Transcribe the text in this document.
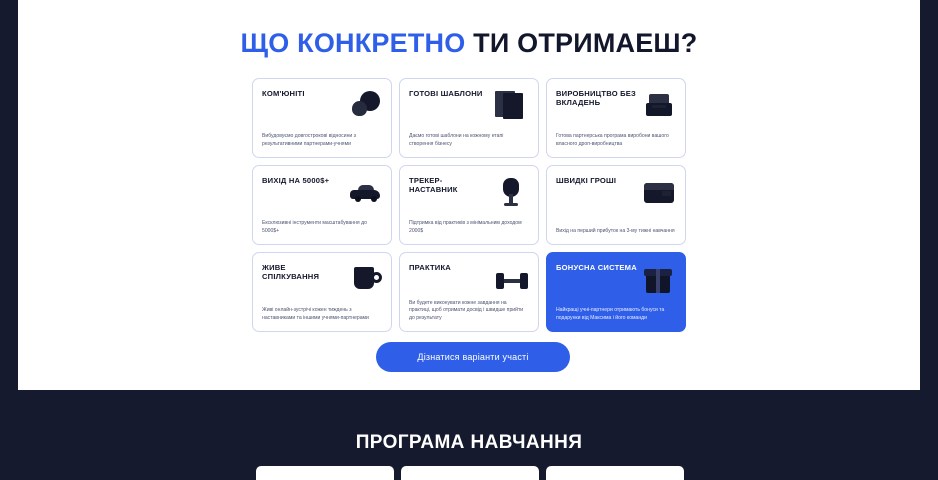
ЩО КОНКРЕТНО ТИ ОТРИМАЕШ?
КОМ'ЮНІТІ
Вибудовуємо довгострокові відносини з результативними партнерами-учнями
ГОТОВІ ШАБЛОНИ
Даємо готові шаблони на кожному етапі створення бізнесу
ВИРОБНИЦТВО БЕЗ ВКЛАДЕНЬ
Готова партнерська програма виробони вашого власного дроп-виробництва
ВИХІД НА 5000$+
Ексклюзивні інструменти масштабування до 5000$+
ТРЕКЕР-НАСТАВНИК
Підтримка від практиків з мінімальним доходом 2000$
ШВИДКІ ГРОШІ
Вихід на перший прибуток на 3-му тижні навчання
ЖИВЕ СПІЛКУВАННЯ
Живі онлайн-зустрічі кожен тиждень з наставниками та іншими учнями-партнерами
ПРАКТИКА
Ви будете виконувати кожне завдання на практиці, щоб отримати досвід і швидше прийти до результату
БОНУСНА СИСТЕМА
Найкращі учні-партнери отримають бонуси та подарунки від Максима і його команди
Дізнатися варіанти участі
ПРОГРАМА НАВЧАННЯ
